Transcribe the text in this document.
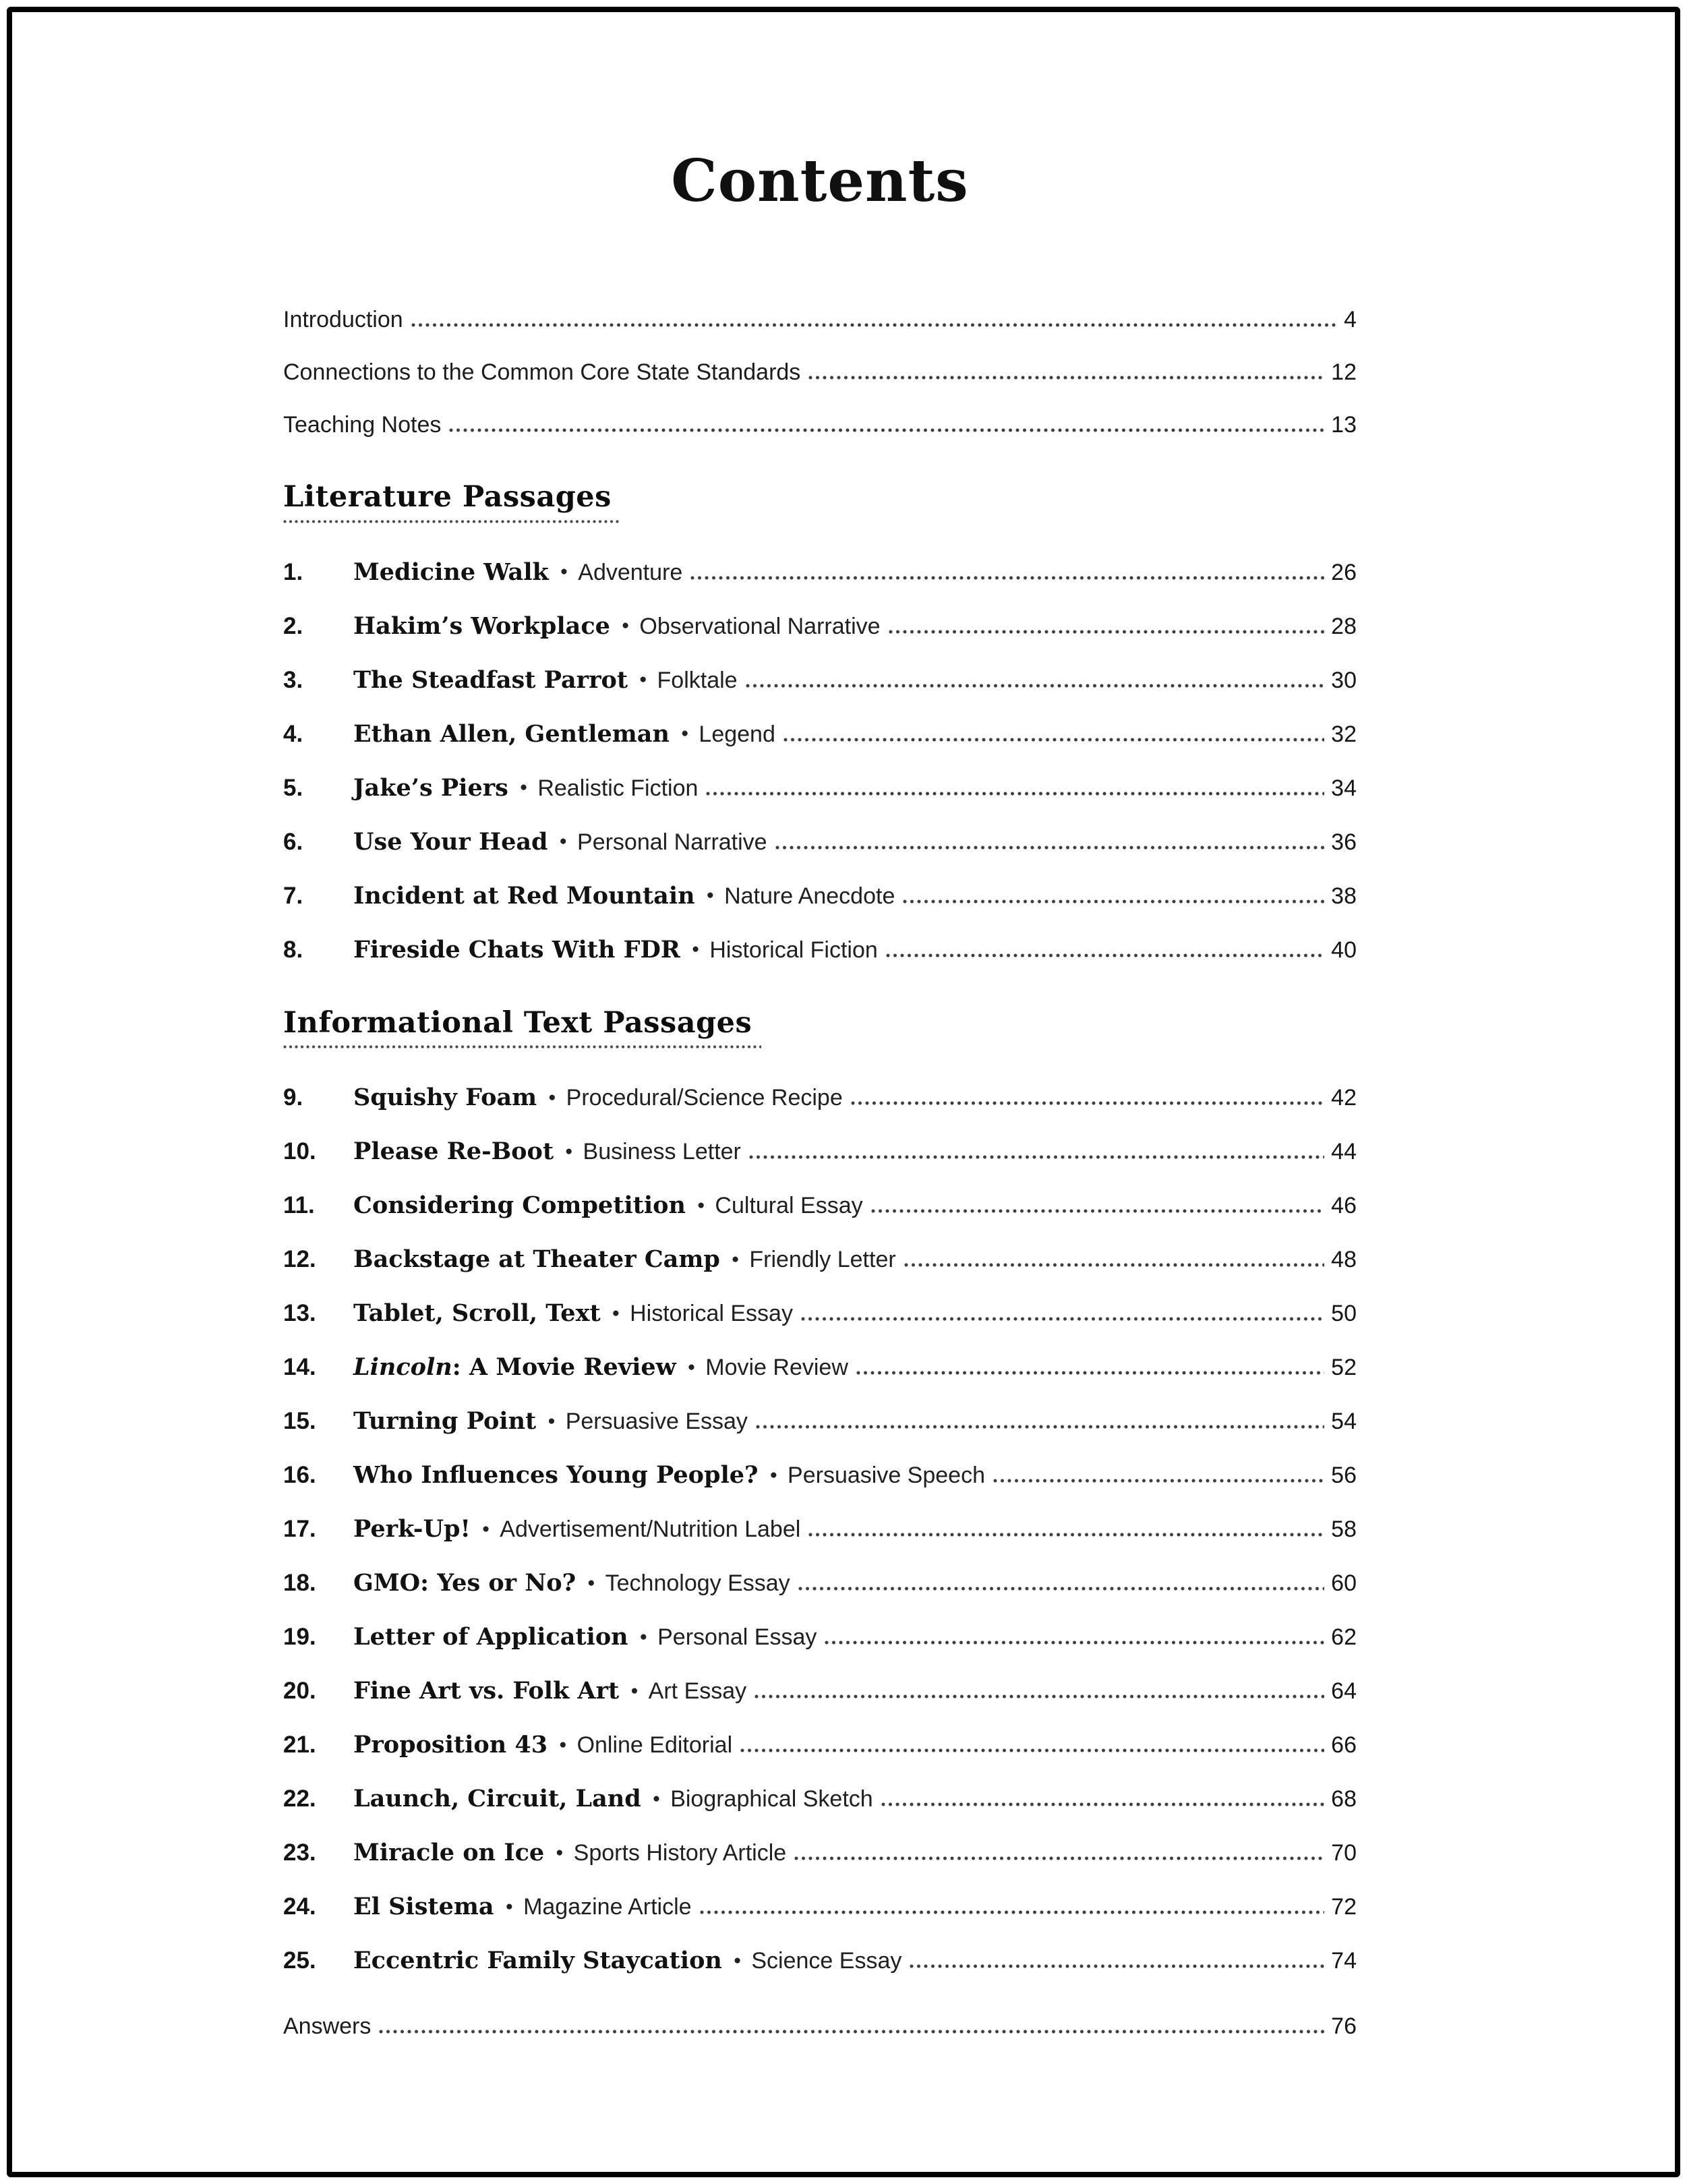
Contents
Introduction	4
Connections to the Common Core State Standards	12
Teaching Notes	13
Literature Passages
1.	Medicine Walk ● Adventure	26
2.	Hakim’s Workplace ● Observational Narrative	28
3.	The Steadfast Parrot ● Folktale	30
4.	Ethan Allen, Gentleman ● Legend	32
5.	Jake’s Piers ● Realistic Fiction	34
6.	Use Your Head ● Personal Narrative	36
7.	Incident at Red Mountain ● Nature Anecdote	38
8.	Fireside Chats With FDR ● Historical Fiction	40
Informational Text Passages
9.	Squishy Foam ● Procedural/Science Recipe	42
10.	Please Re-Boot ● Business Letter	44
11.	Considering Competition ● Cultural Essay	46
12.	Backstage at Theater Camp ● Friendly Letter	48
13.	Tablet, Scroll, Text ● Historical Essay	50
14.	Lincoln: A Movie Review ● Movie Review	52
15.	Turning Point ● Persuasive Essay	54
16.	Who Influences Young People? ● Persuasive Speech	56
17.	Perk-Up! ● Advertisement/Nutrition Label	58
18.	GMO: Yes or No? ● Technology Essay	60
19.	Letter of Application ● Personal Essay	62
20.	Fine Art vs. Folk Art ● Art Essay	64
21.	Proposition 43 ● Online Editorial	66
22.	Launch, Circuit, Land ● Biographical Sketch	68
23.	Miracle on Ice ● Sports History Article	70
24.	El Sistema ● Magazine Article	72
25.	Eccentric Family Staycation ● Science Essay	74
Answers	76
